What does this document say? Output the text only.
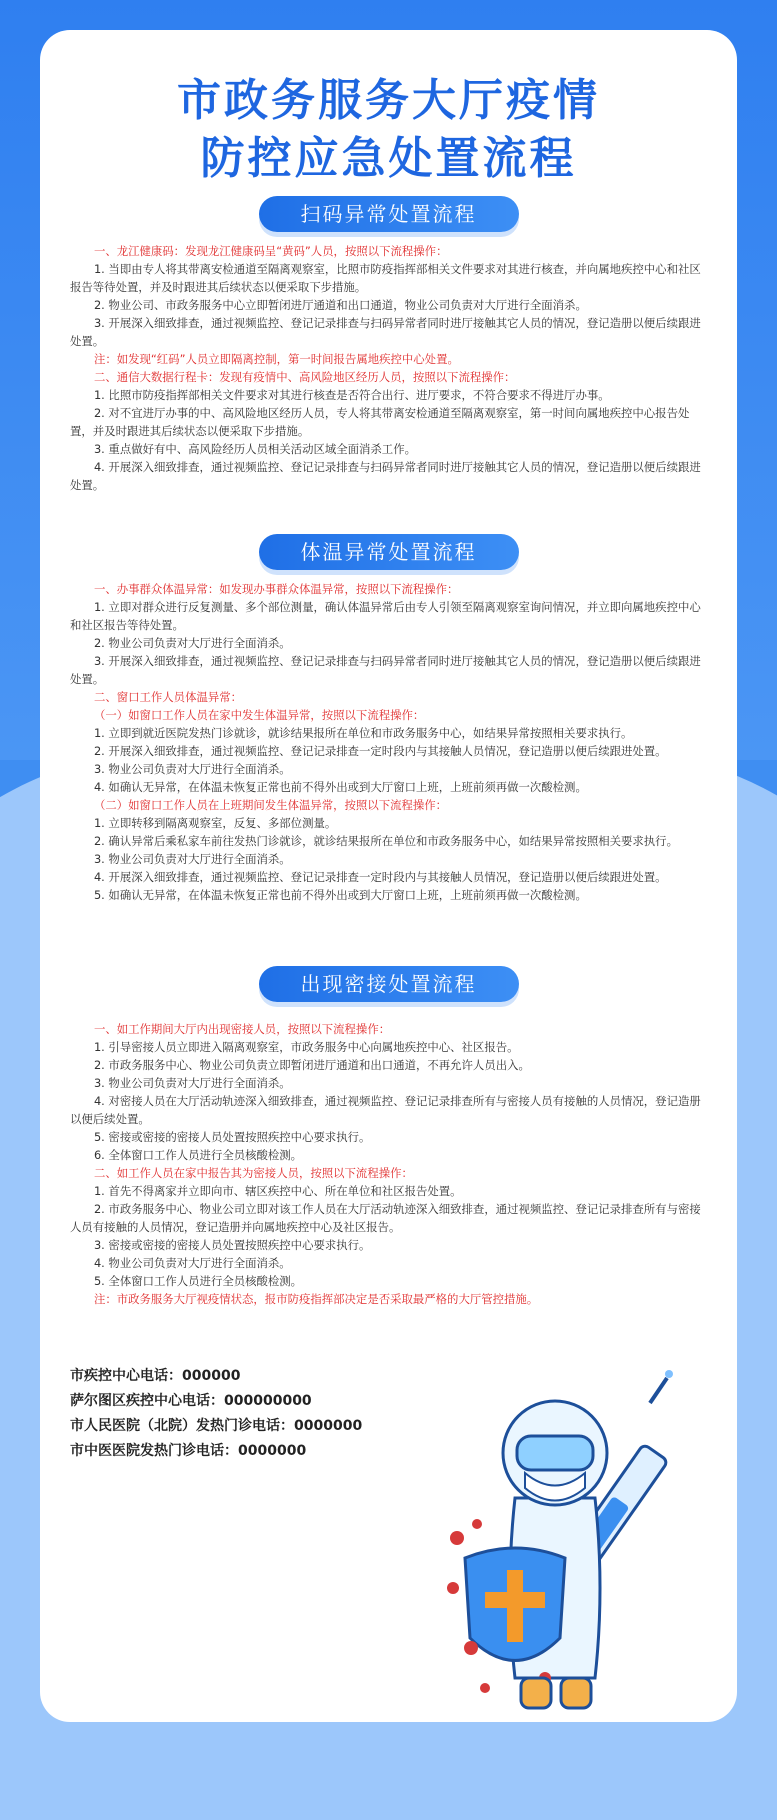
市政务服务大厅疫情
防控应急处置流程
扫码异常处置流程

一、龙江健康码：发现龙江健康码呈“黄码”人员，按照以下流程操作：

1. 当即由专人将其带离安检通道至隔离观察室，比照市防疫指挥部相关文件要求对其进行核查，并向属地疾控中心和社区报告等待处置，并及时跟进其后续状态以便采取下步措施。

2. 物业公司、市政务服务中心立即暂闭进厅通道和出口通道，物业公司负责对大厅进行全面消杀。

3. 开展深入细致排查，通过视频监控、登记记录排查与扫码异常者同时进厅接触其它人员的情况，登记造册以便后续跟进处置。

注：如发现“红码”人员立即隔离控制，第一时间报告属地疾控中心处置。

二、通信大数据行程卡：发现有疫情中、高风险地区经历人员，按照以下流程操作：

1. 比照市防疫指挥部相关文件要求对其进行核查是否符合出行、进厅要求，不符合要求不得进厅办事。

2. 对不宜进厅办事的中、高风险地区经历人员，专人将其带离安检通道至隔离观察室，第一时间向属地疾控中心报告处置，并及时跟进其后续状态以便采取下步措施。

3. 重点做好有中、高风险经历人员相关活动区域全面消杀工作。

4. 开展深入细致排查，通过视频监控、登记记录排查与扫码异常者同时进厅接触其它人员的情况，登记造册以便后续跟进处置。

体温异常处置流程

一、办事群众体温异常：如发现办事群众体温异常，按照以下流程操作：

1. 立即对群众进行反复测量、多个部位测量，确认体温异常后由专人引领至隔离观察室询问情况，并立即向属地疾控中心和社区报告等待处置。

2. 物业公司负责对大厅进行全面消杀。

3. 开展深入细致排查，通过视频监控、登记记录排查与扫码异常者同时进厅接触其它人员的情况，登记造册以便后续跟进处置。

二、窗口工作人员体温异常：

（一）如窗口工作人员在家中发生体温异常，按照以下流程操作：

1. 立即到就近医院发热门诊就诊，就诊结果报所在单位和市政务服务中心，如结果异常按照相关要求执行。

2. 开展深入细致排查，通过视频监控、登记记录排查一定时段内与其接触人员情况，登记造册以便后续跟进处置。

3. 物业公司负责对大厅进行全面消杀。

4. 如确认无异常，在体温未恢复正常也前不得外出或到大厅窗口上班，上班前须再做一次酸检测。

（二）如窗口工作人员在上班期间发生体温异常，按照以下流程操作：

1. 立即转移到隔离观察室，反复、多部位测量。

2. 确认异常后乘私家车前往发热门诊就诊，就诊结果报所在单位和市政务服务中心，如结果异常按照相关要求执行。

3. 物业公司负责对大厅进行全面消杀。

4. 开展深入细致排查，通过视频监控、登记记录排查一定时段内与其接触人员情况，登记造册以便后续跟进处置。

5. 如确认无异常，在体温未恢复正常也前不得外出或到大厅窗口上班，上班前须再做一次酸检测。

出现密接处置流程

一、如工作期间大厅内出现密接人员，按照以下流程操作：

1. 引导密接人员立即进入隔离观察室，市政务服务中心向属地疾控中心、社区报告。

2. 市政务服务中心、物业公司负责立即暂闭进厅通道和出口通道，不再允许人员出入。

3. 物业公司负责对大厅进行全面消杀。

4. 对密接人员在大厅活动轨迹深入细致排查，通过视频监控、登记记录排查所有与密接人员有接触的人员情况，登记造册以便后续处置。

5. 密接或密接的密接人员处置按照疾控中心要求执行。

6. 全体窗口工作人员进行全员核酸检测。

二、如工作人员在家中报告其为密接人员，按照以下流程操作：

1. 首先不得离家并立即向市、辖区疾控中心、所在单位和社区报告处置。

2. 市政务服务中心、物业公司立即对该工作人员在大厅活动轨迹深入细致排查，通过视频监控、登记记录排查所有与密接人员有接触的人员情况，登记造册并向属地疾控中心及社区报告。

3. 密接或密接的密接人员处置按照疾控中心要求执行。

4. 物业公司负责对大厅进行全面消杀。

5. 全体窗口工作人员进行全员核酸检测。

注：市政务服务大厅视疫情状态，报市防疫指挥部决定是否采取最严格的大厅管控措施。

市疾控中心电话：000000
萨尔图区疾控中心电话：000000000
市人民医院（北院）发热门诊电话：0000000
市中医医院发热门诊电话：0000000
